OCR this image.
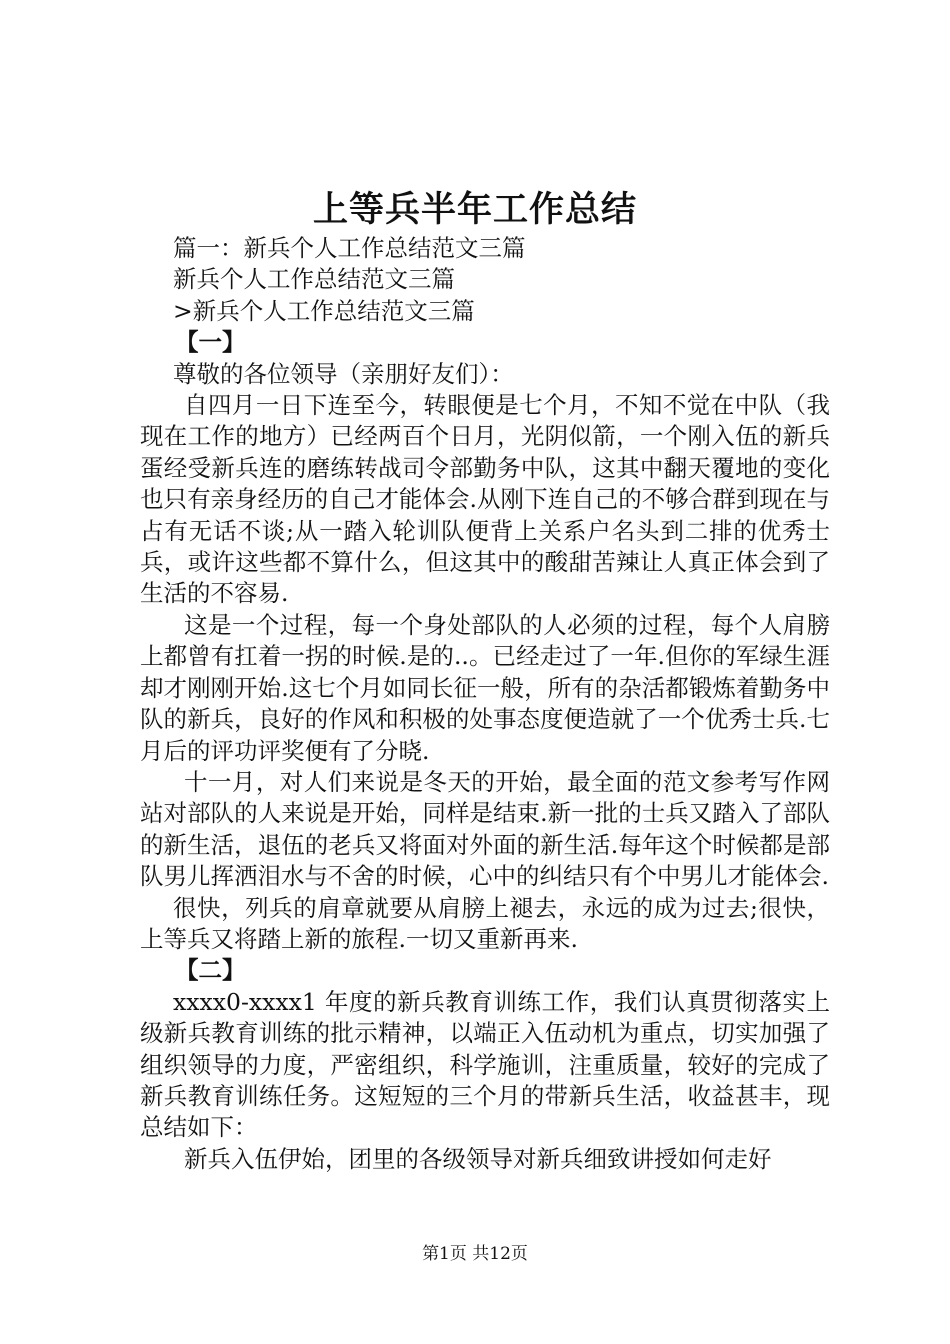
上等兵半年工作总结

篇一：新兵个人工作总结范文三篇

新兵个人工作总结范文三篇

>新兵个人工作总结范文三篇

【一】

尊敬的各位领导（亲朋好友们）：

自四月一日下连至今，转眼便是七个月，不知不觉在中队（我现在工作的地方）已经两百个日月，光阴似箭，一个刚入伍的新兵蛋经受新兵连的磨练转战司令部勤务中队，这其中翻天覆地的变化也只有亲身经历的自己才能体会.从刚下连自己的不够合群到现在与占有无话不谈;从一踏入轮训队便背上关系户名头到二排的优秀士兵，或许这些都不算什么，但这其中的酸甜苦辣让人真正体会到了生活的不容易.

这是一个过程，每一个身处部队的人必须的过程，每个人肩膀上都曾有扛着一拐的时候.是的..。已经走过了一年.但你的军绿生涯却才刚刚开始.这七个月如同长征一般，所有的杂活都锻炼着勤务中队的新兵，良好的作风和积极的处事态度便造就了一个优秀士兵.七月后的评功评奖便有了分晓.

十一月，对人们来说是冬天的开始，最全面的范文参考写作网站对部队的人来说是开始，同样是结束.新一批的士兵又踏入了部队的新生活，退伍的老兵又将面对外面的新生活.每年这个时候都是部队男儿挥洒泪水与不舍的时候，心中的纠结只有个中男儿才能体会.

很快，列兵的肩章就要从肩膀上褪去，永远的成为过去;很快，上等兵又将踏上新的旅程.一切又重新再来.

【二】

xxxx0-xxxx1 年度的新兵教育训练工作，我们认真贯彻落实上级新兵教育训练的批示精神，以端正入伍动机为重点，切实加强了组织领导的力度，严密组织，科学施训，注重质量，较好的完成了新兵教育训练任务。这短短的三个月的带新兵生活，收益甚丰，现总结如下：

新兵入伍伊始，团里的各级领导对新兵细致讲授如何走好

第1页 共12页
